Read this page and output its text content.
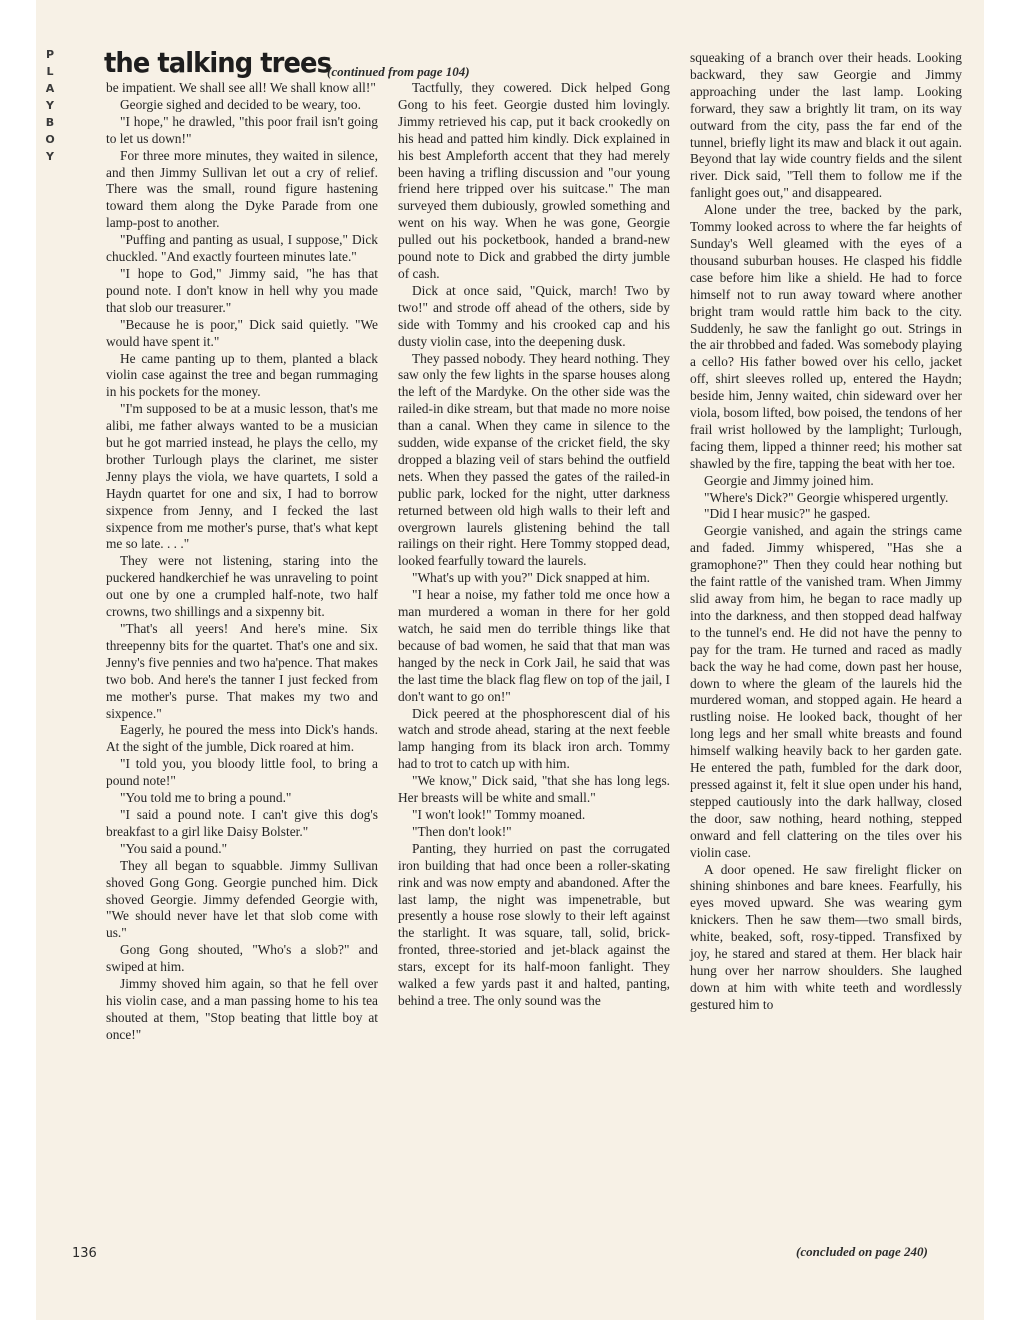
P
L
A
Y
B
O
Y
the talking trees
(continued from page 104)

be impatient. We shall see all! We shall know all!"

Georgie sighed and decided to be weary, too.

"I hope," he drawled, "this poor frail isn't going to let us down!"

For three more minutes, they waited in silence, and then Jimmy Sullivan let out a cry of relief. There was the small, round figure hastening toward them along the Dyke Parade from one lamp-post to another.

"Puffing and panting as usual, I suppose," Dick chuckled. "And exactly fourteen minutes late."

"I hope to God," Jimmy said, "he has that pound note. I don't know in hell why you made that slob our treasurer."

"Because he is poor," Dick said quietly. "We would have spent it."

He came panting up to them, planted a black violin case against the tree and began rummaging in his pockets for the money.

"I'm supposed to be at a music lesson, that's me alibi, me father always wanted to be a musician but he got married instead, he plays the cello, my brother Turlough plays the clarinet, me sister Jenny plays the viola, we have quartets, I sold a Haydn quartet for one and six, I had to borrow sixpence from Jenny, and I fecked the last sixpence from me mother's purse, that's what kept me so late. . . ."

They were not listening, staring into the puckered handkerchief he was unraveling to point out one by one a crumpled half-note, two half crowns, two shillings and a sixpenny bit.

"That's all yeers! And here's mine. Six threepenny bits for the quartet. That's one and six. Jenny's five pennies and two ha'pence. That makes two bob. And here's the tanner I just fecked from me mother's purse. That makes my two and sixpence."

Eagerly, he poured the mess into Dick's hands. At the sight of the jumble, Dick roared at him.

"I told you, you bloody little fool, to bring a pound note!"

"You told me to bring a pound."

"I said a pound note. I can't give this dog's breakfast to a girl like Daisy Bolster."

"You said a pound."

They all began to squabble. Jimmy Sullivan shoved Gong Gong. Georgie punched him. Dick shoved Georgie. Jimmy defended Georgie with, "We should never have let that slob come with us."

Gong Gong shouted, "Who's a slob?" and swiped at him.

Jimmy shoved him again, so that he fell over his violin case, and a man passing home to his tea shouted at them, "Stop beating that little boy at once!"

Tactfully, they cowered. Dick helped Gong Gong to his feet. Georgie dusted him lovingly. Jimmy retrieved his cap, put it back crookedly on his head and patted him kindly. Dick explained in his best Ampleforth accent that they had merely been having a trifling discussion and "our young friend here tripped over his suitcase." The man surveyed them dubiously, growled something and went on his way. When he was gone, Georgie pulled out his pocketbook, handed a brand-new pound note to Dick and grabbed the dirty jumble of cash.

Dick at once said, "Quick, march! Two by two!" and strode off ahead of the others, side by side with Tommy and his crooked cap and his dusty violin case, into the deepening dusk.

They passed nobody. They heard nothing. They saw only the few lights in the sparse houses along the left of the Mardyke. On the other side was the railed-in dike stream, but that made no more noise than a canal. When they came in silence to the sudden, wide expanse of the cricket field, the sky dropped a blazing veil of stars behind the outfield nets. When they passed the gates of the railed-in public park, locked for the night, utter darkness returned between old high walls to their left and overgrown laurels glistening behind the tall railings on their right. Here Tommy stopped dead, looked fearfully toward the laurels.

"What's up with you?" Dick snapped at him.

"I hear a noise, my father told me once how a man murdered a woman in there for her gold watch, he said men do terrible things like that because of bad women, he said that that man was hanged by the neck in Cork Jail, he said that was the last time the black flag flew on top of the jail, I don't want to go on!"

Dick peered at the phosphorescent dial of his watch and strode ahead, staring at the next feeble lamp hanging from its black iron arch. Tommy had to trot to catch up with him.

"We know," Dick said, "that she has long legs. Her breasts will be white and small."

"I won't look!" Tommy moaned.

"Then don't look!"

Panting, they hurried on past the corrugated iron building that had once been a roller-skating rink and was now empty and abandoned. After the last lamp, the night was impenetrable, but presently a house rose slowly to their left against the starlight. It was square, tall, solid, brick-fronted, three-storied and jet-black against the stars, except for its half-moon fanlight. They walked a few yards past it and halted, panting, behind a tree. The only sound was the

squeaking of a branch over their heads. Looking backward, they saw Georgie and Jimmy approaching under the last lamp. Looking forward, they saw a brightly lit tram, on its way outward from the city, pass the far end of the tunnel, briefly light its maw and black it out again. Beyond that lay wide country fields and the silent river. Dick said, "Tell them to follow me if the fanlight goes out," and disappeared.

Alone under the tree, backed by the park, Tommy looked across to where the far heights of Sunday's Well gleamed with the eyes of a thousand suburban houses. He clasped his fiddle case before him like a shield. He had to force himself not to run away toward where another bright tram would rattle him back to the city. Suddenly, he saw the fanlight go out. Strings in the air throbbed and faded. Was somebody playing a cello? His father bowed over his cello, jacket off, shirt sleeves rolled up, entered the Haydn; beside him, Jenny waited, chin sideward over her viola, bosom lifted, bow poised, the tendons of her frail wrist hollowed by the lamplight; Turlough, facing them, lipped a thinner reed; his mother sat shawled by the fire, tapping the beat with her toe.

Georgie and Jimmy joined him.

"Where's Dick?" Georgie whispered urgently.

"Did I hear music?" he gasped.

Georgie vanished, and again the strings came and faded. Jimmy whispered, "Has she a gramophone?" Then they could hear nothing but the faint rattle of the vanished tram. When Jimmy slid away from him, he began to race madly up into the darkness, and then stopped dead halfway to the tunnel's end. He did not have the penny to pay for the tram. He turned and raced as madly back the way he had come, down past her house, down to where the gleam of the laurels hid the murdered woman, and stopped again. He heard a rustling noise. He looked back, thought of her long legs and her small white breasts and found himself walking heavily back to her garden gate. He entered the path, fumbled for the dark door, pressed against it, felt it slue open under his hand, stepped cautiously into the dark hallway, closed the door, saw nothing, heard nothing, stepped onward and fell clattering on the tiles over his violin case.

A door opened. He saw firelight flicker on shining shinbones and bare knees. Fearfully, his eyes moved upward. She was wearing gym knickers. Then he saw them—two small birds, white, beaked, soft, rosy-tipped. Transfixed by joy, he stared and stared at them. Her black hair hung over her narrow shoulders. She laughed down at him with white teeth and wordlessly gestured him to

136	(concluded on page 240)
